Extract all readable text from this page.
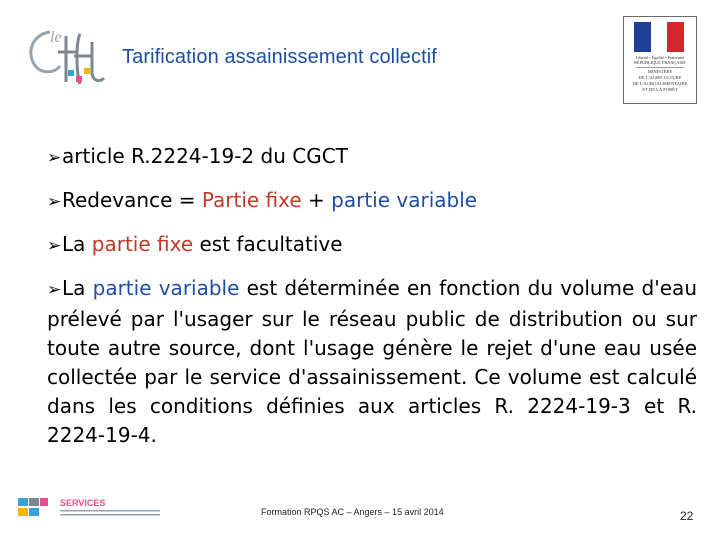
le
Tarification assainissement collectif	Liberté • Égalité • Fraternité
RÉPUBLIQUE FRANÇAISE
MINISTÈRE
DE L'AGRICULTURE
DE L'AGROALIMENTAIRE
ET DE LA FORÊT
➢article R.2224-19-2 du CGCT
➢Redevance = Partie fixe + partie variable
➢La partie fixe est facultative
➢La partie variable est déterminée en fonction du volume d'eau prélevé par l'usager sur le réseau public de distribution ou sur toute autre source, dont l'usage génère le rejet d'une eau usée collectée par le service d'assainissement. Ce volume est calculé dans les conditions définies aux articles R. 2224-19-3 et R. 2224-19-4.
SERVICES
Formation RPQS AC – Angers – 15 avril 2014	22
